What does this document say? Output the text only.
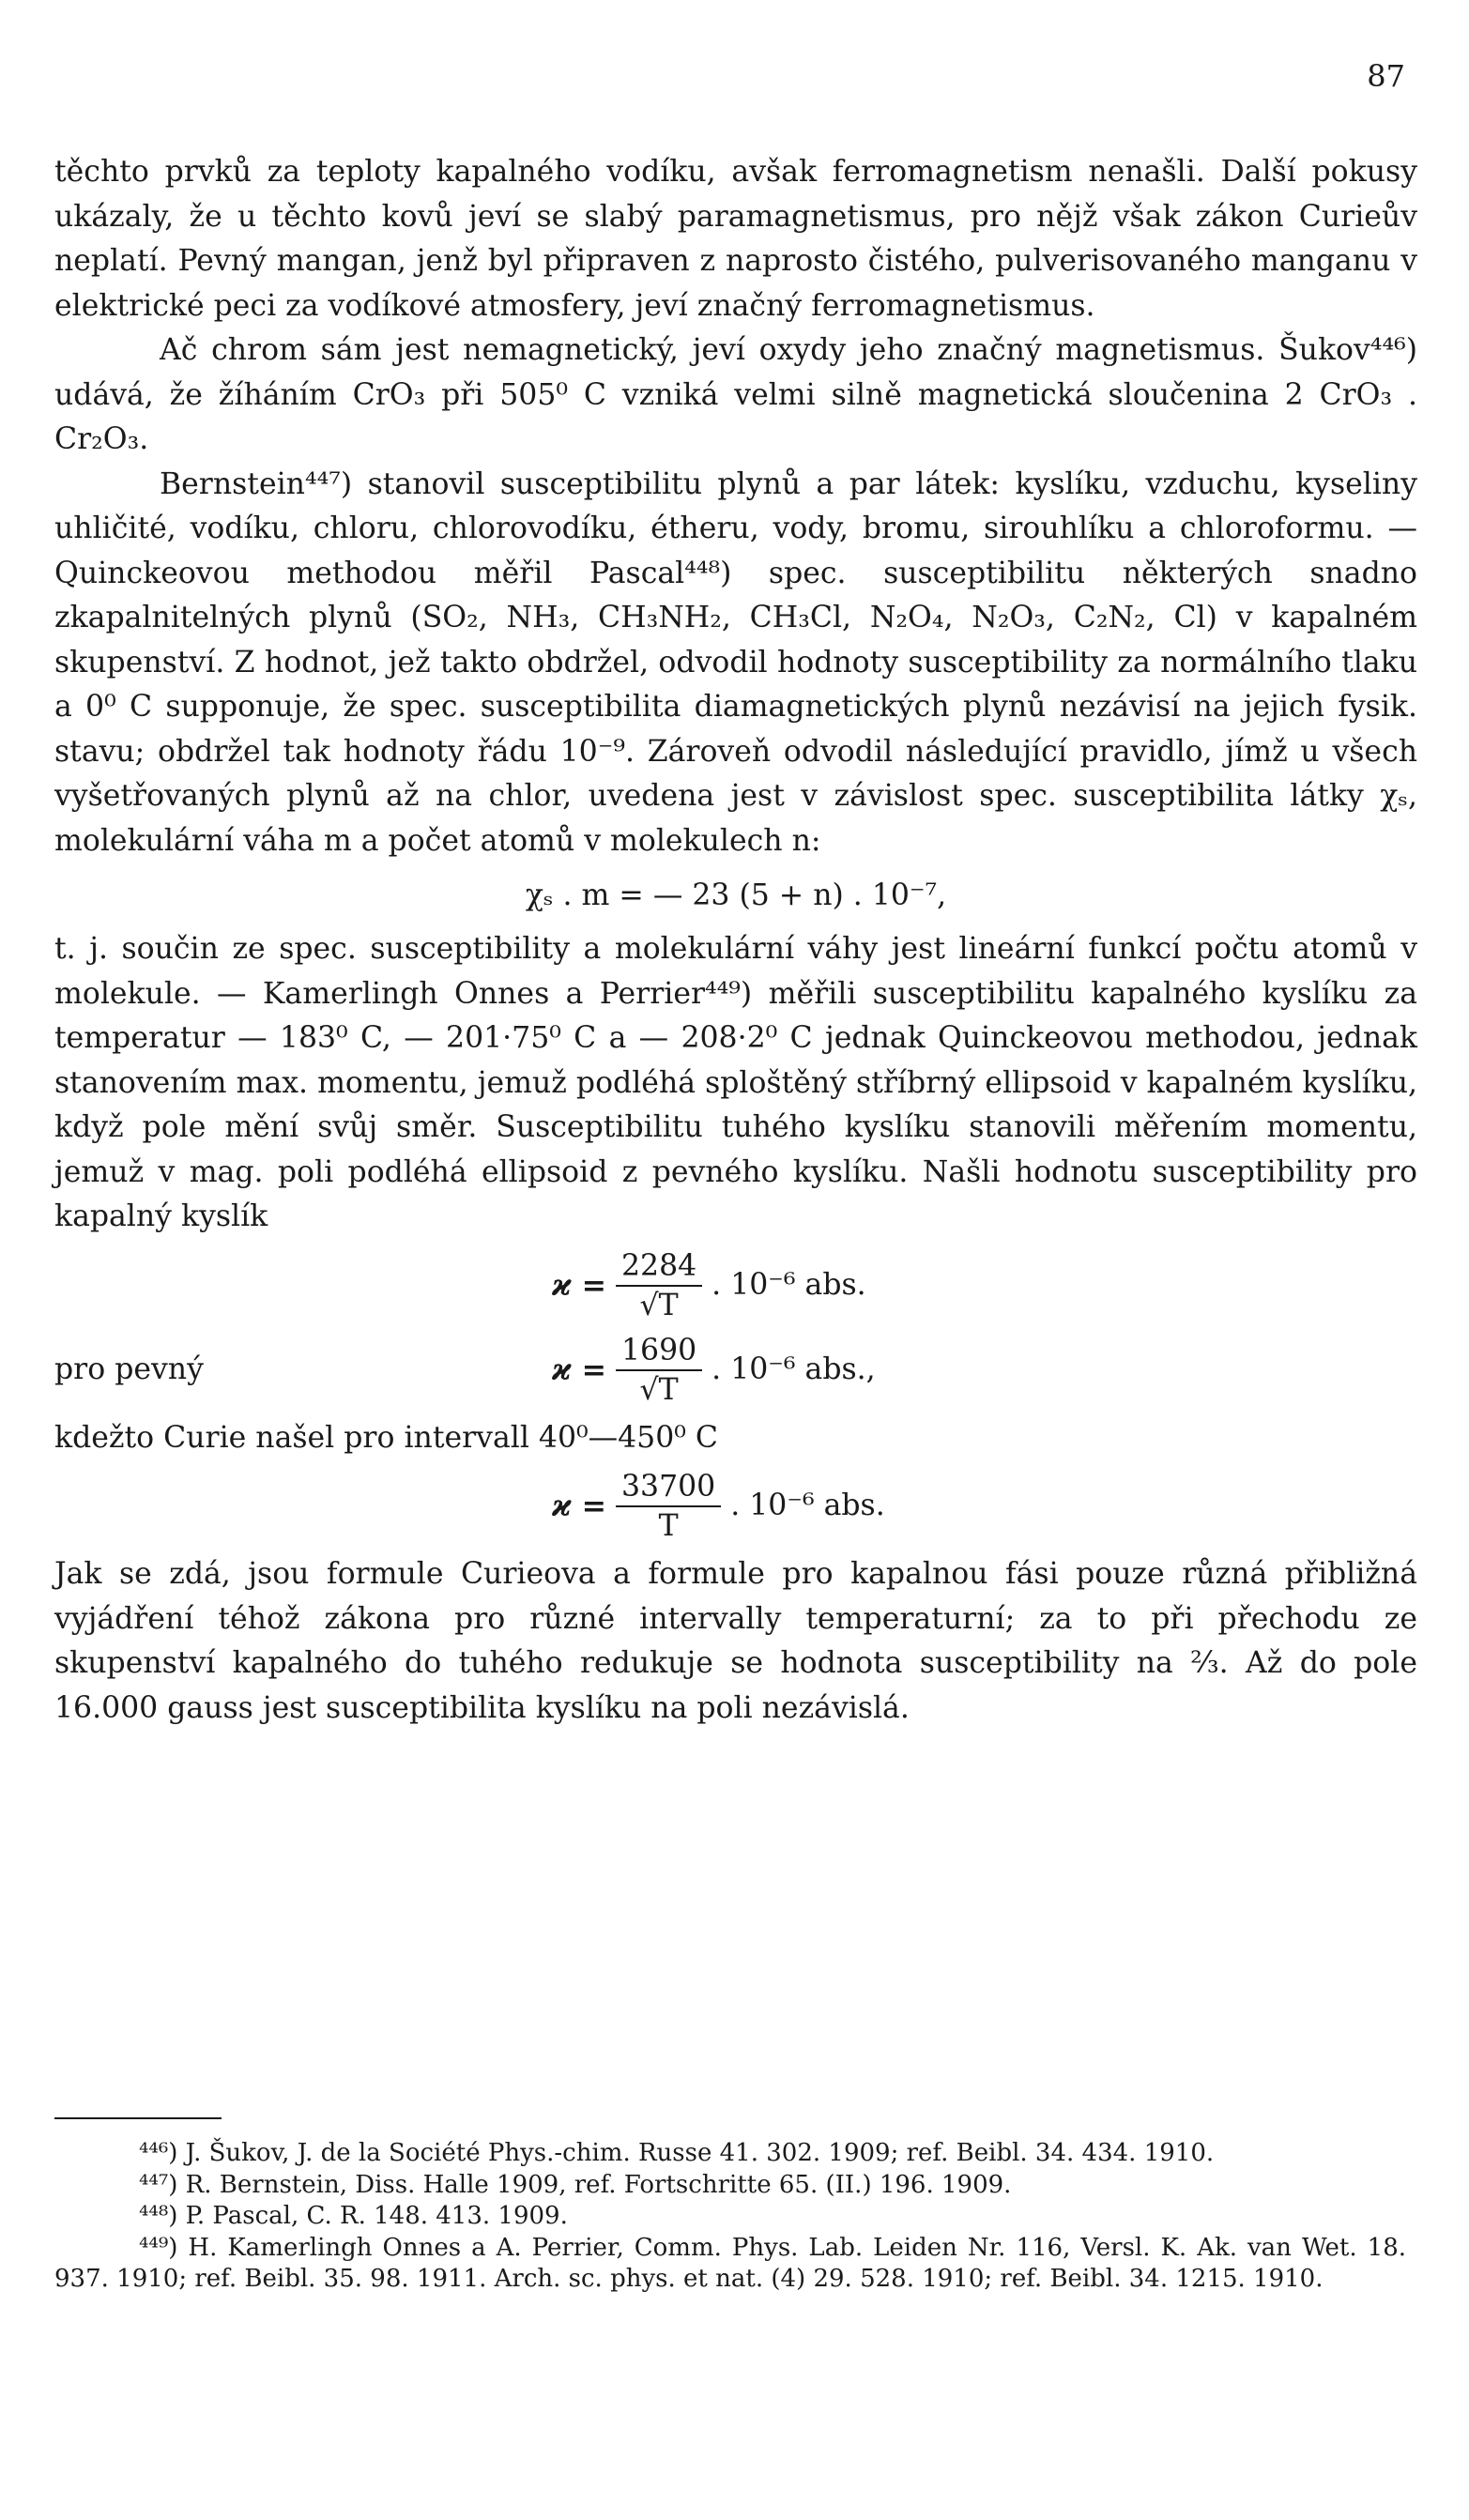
87

těchto prvků za teploty kapalného vodíku, avšak ferromagnetism nenašli. Další pokusy ukázaly, že u těchto kovů jeví se slabý paramagnetismus, pro nějž však zákon Curieův neplatí. Pevný mangan, jenž byl připraven z naprosto čistého, pulverisovaného manganu v elektrické peci za vodíkové atmosfery, jeví značný ferromagnetismus.

Ač chrom sám jest nemagnetický, jeví oxydy jeho značný magnetismus. Šukov⁴⁴⁶) udává, že žíháním CrO₃ při 505⁰ C vzniká velmi silně magnetická sloučenina 2 CrO₃ . Cr₂O₃.

Bernstein⁴⁴⁷) stanovil susceptibilitu plynů a par látek: kyslíku, vzduchu, kyseliny uhličité, vodíku, chloru, chlorovodíku, étheru, vody, bromu, sirouhlíku a chloroformu. — Quinckeovou methodou měřil Pascal⁴⁴⁸) spec. susceptibilitu některých snadno zkapalnitelných plynů (SO₂, NH₃, CH₃NH₂, CH₃Cl, N₂O₄, N₂O₃, C₂N₂, Cl) v kapalném skupenství. Z hodnot, jež takto obdržel, odvodil hodnoty susceptibility za normálního tlaku a 0⁰ C supponuje, že spec. susceptibilita diamagnetických plynů nezávisí na jejich fysik. stavu; obdržel tak hodnoty řádu 10⁻⁹. Zároveň odvodil následující pravidlo, jímž u všech vyšetřovaných plynů až na chlor, uvedena jest v závislost spec. susceptibilita látky χₛ, molekulární váha m a počet atomů v molekulech n:

χₛ . m = — 23 (5 + n) . 10⁻⁷,

t. j. součin ze spec. susceptibility a molekulární váhy jest lineární funkcí počtu atomů v molekule. — Kamerlingh Onnes a Perrier⁴⁴⁹) měřili susceptibilitu kapalného kyslíku za temperatur — 183⁰ C, — 201·75⁰ C a — 208·2⁰ C jednak Quinckeovou methodou, jednak stanovením max. momentu, jemuž podléhá sploštěný stříbrný ellipsoid v kapalném kyslíku, když pole mění svůj směr. Susceptibilitu tuhého kyslíku stanovili měřením momentu, jemuž v mag. poli podléhá ellipsoid z pevného kyslíku. Našli hodnotu susceptibility pro kapalný kyslík

$ϰ = \frac{2284}{√T}$ . 10⁻⁶ abs.
pro pevný	$ϰ = \frac{1690}{√T}$ . 10⁻⁶ abs.,

kdežto Curie našel pro intervall 40⁰—450⁰ C

$ϰ = \frac{33700}{T}$ . 10⁻⁶ abs.

Jak se zdá, jsou formule Curieova a formule pro kapalnou fási pouze různá přibližná vyjádření téhož zákona pro různé intervally temperaturní; za to při přechodu ze skupenství kapalného do tuhého redukuje se hodnota susceptibility na ²⁄₃. Až do pole 16.000 gauss jest susceptibilita kyslíku na poli nezávislá.

⁴⁴⁶) J. Šukov, J. de la Société Phys.-chim. Russe 41. 302. 1909; ref. Beibl. 34. 434. 1910.

⁴⁴⁷) R. Bernstein, Diss. Halle 1909, ref. Fortschritte 65. (II.) 196. 1909.

⁴⁴⁸) P. Pascal, C. R. 148. 413. 1909.

⁴⁴⁹) H. Kamerlingh Onnes a A. Perrier, Comm. Phys. Lab. Leiden Nr. 116, Versl. K. Ak. van Wet. 18. 937. 1910; ref. Beibl. 35. 98. 1911. Arch. sc. phys. et nat. (4) 29. 528. 1910; ref. Beibl. 34. 1215. 1910.
